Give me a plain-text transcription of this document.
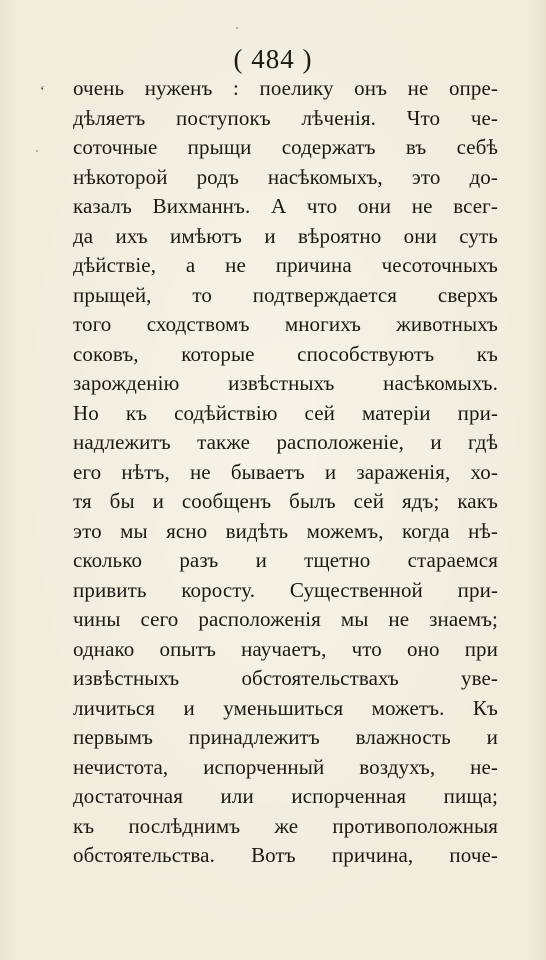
( 484 )
ʻ очень нуженъ : поелику онъ не опре-
дѣляетъ поступокъ лѣченія. Что че-
соточные прыщи содержатъ въ себѣ
нѣкоторой родъ насѣкомыхъ, это до-
казалъ Вихманнъ. А что они не всег-
да ихъ имѣютъ и вѣроятно они суть
дѣйствіе, а не причина чесоточныхъ
прыщей, то подтверждается сверхъ
того сходствомъ многихъ животныхъ
соковъ, которые способствуютъ къ
зарожденію извѣстныхъ насѣкомыхъ.
Но къ содѣйствію сей матеріи при-
надлежитъ также расположеніе, и гдѣ
его нѣтъ, не бываетъ и зараженія, хо-
тя бы и сообщенъ былъ сей ядъ; какъ
это мы ясно видѣть можемъ, когда нѣ-
сколько разъ и тщетно стараемся
привить коросту. Существенной при-
чины сего расположенія мы не знаемъ;
однако опытъ научаетъ, что оно при
извѣстныхъ обстоятельствахъ уве-
личиться и уменьшиться можетъ. Къ
первымъ принадлежитъ влажность и
нечистота, испорченный воздухъ, не-
достаточная или испорченная пища;
къ послѣднимъ же противоположныя
обстоятельства. Вотъ причина, поче-
